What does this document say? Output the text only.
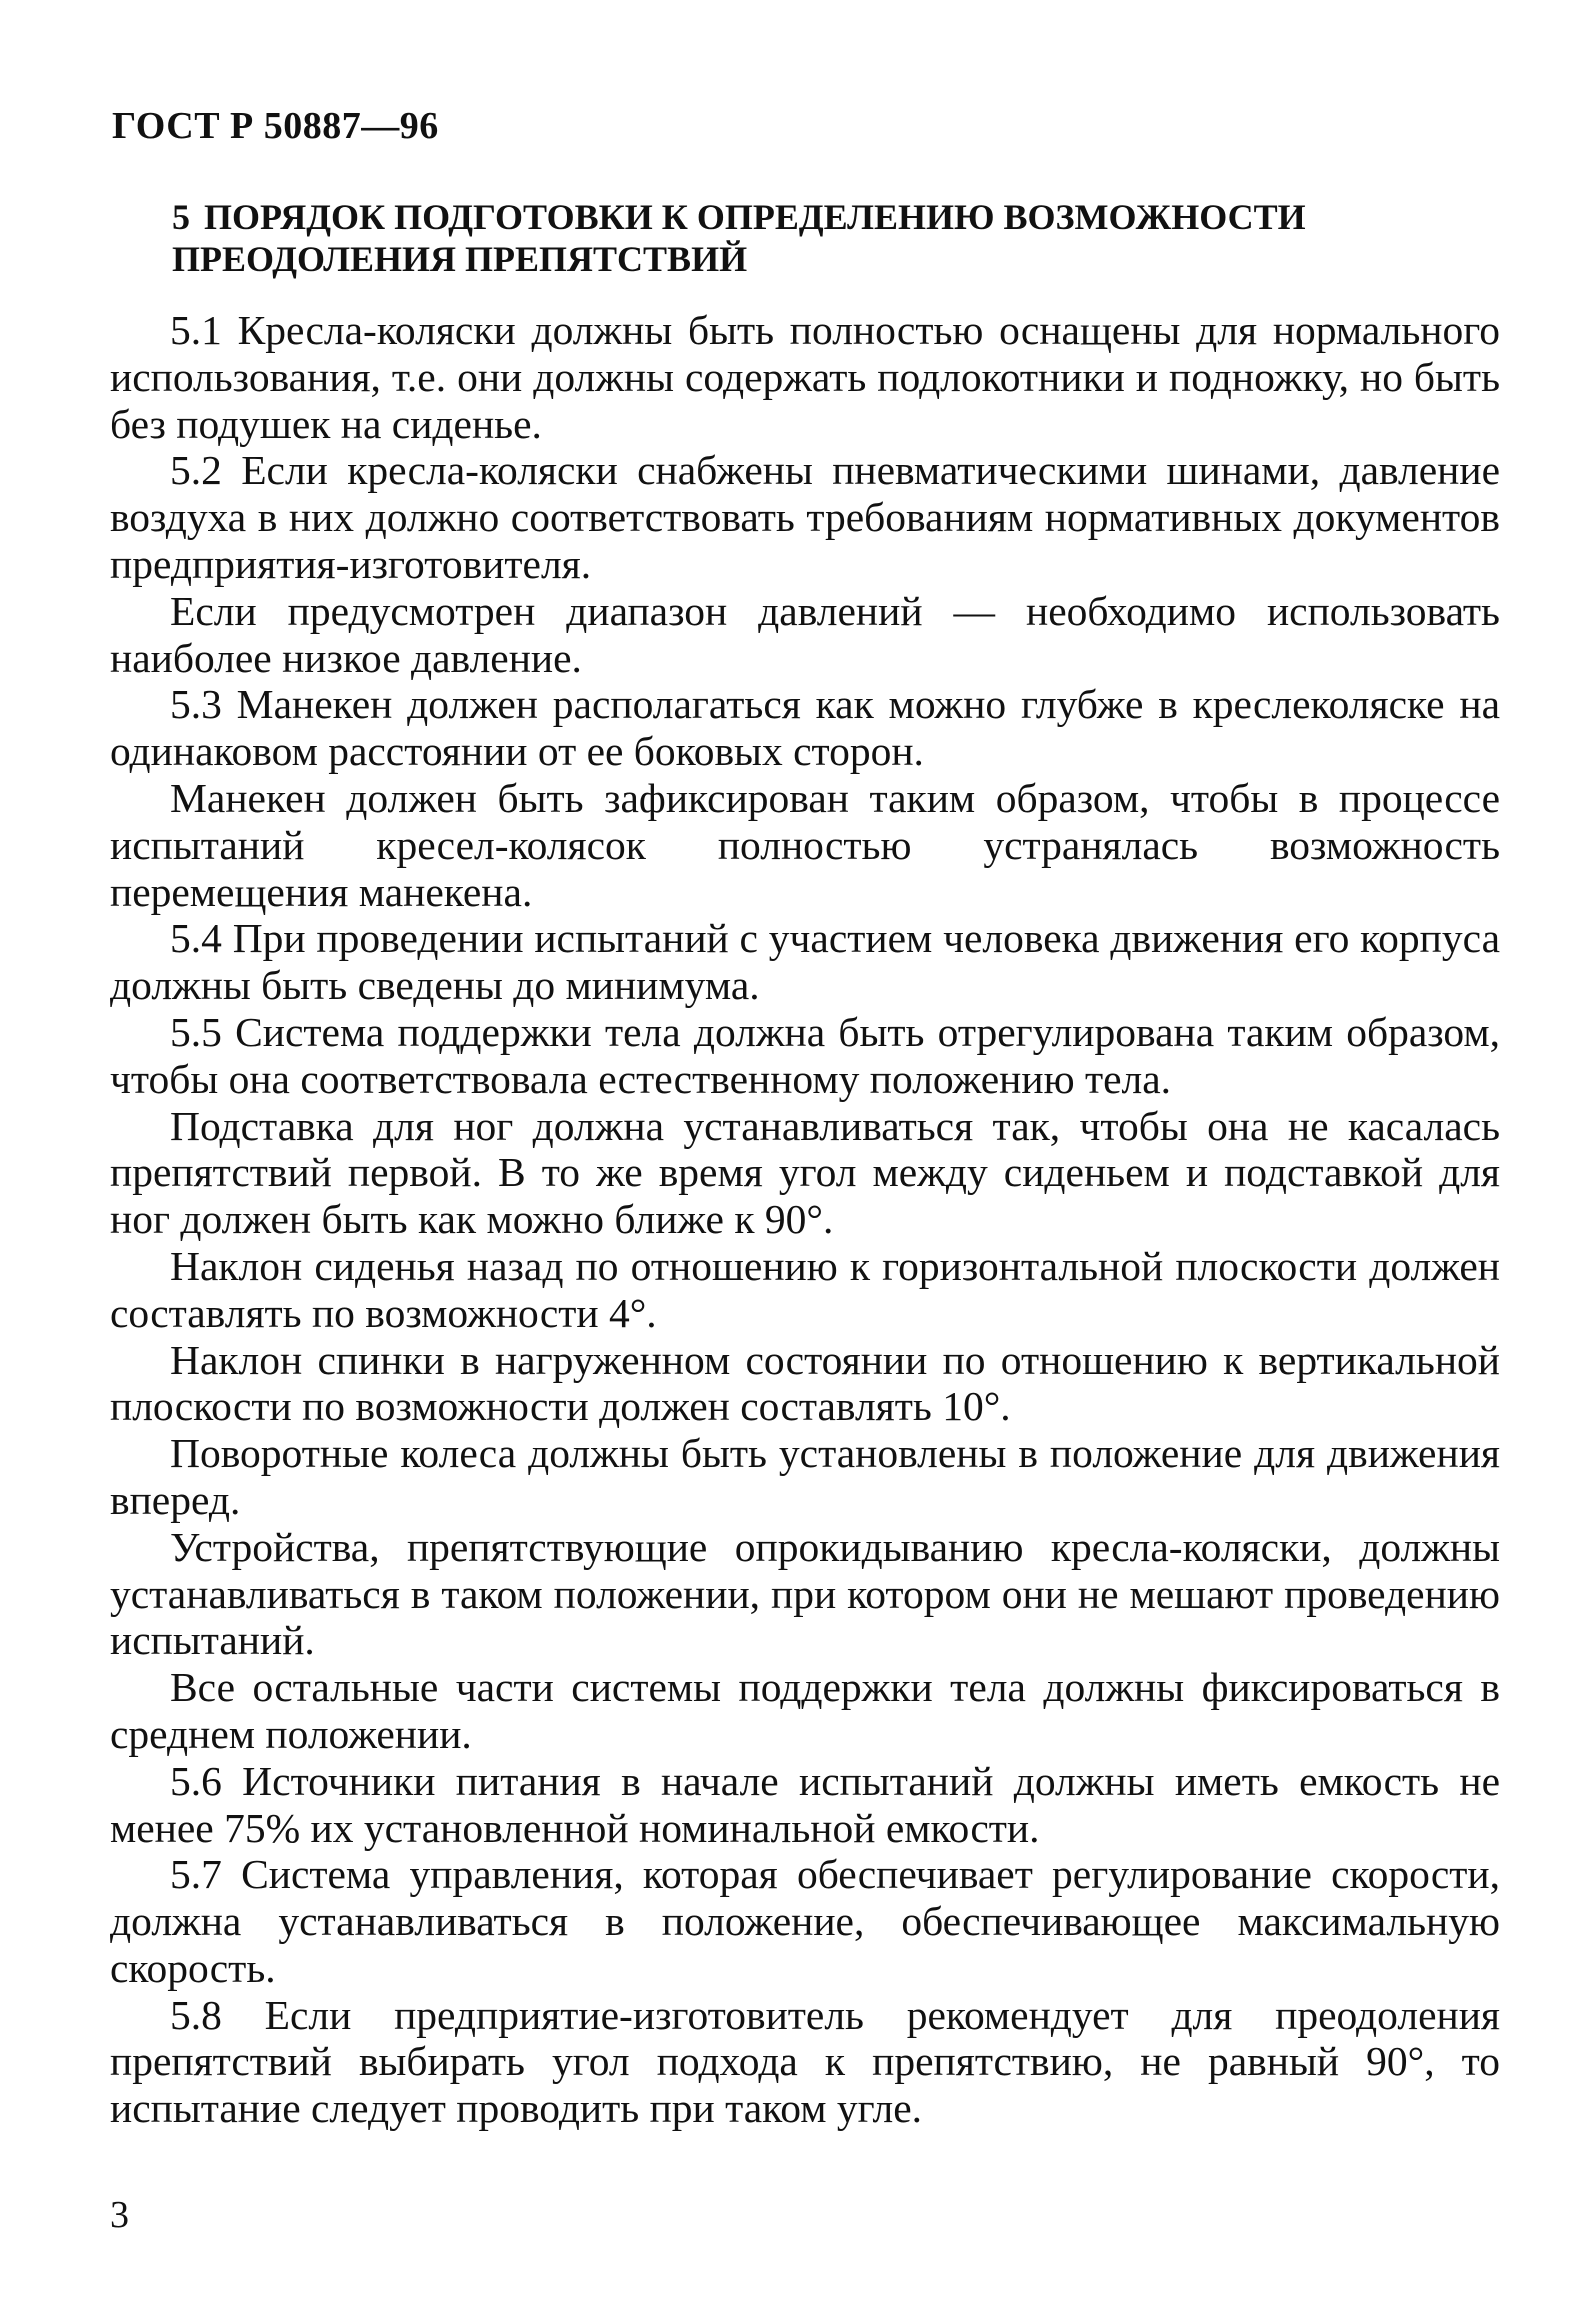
ГОСТ Р 50887—96
5 ПОРЯДОК ПОДГОТОВКИ К ОПРЕДЕЛЕНИЮ ВОЗМОЖНОСТИ ПРЕОДОЛЕНИЯ ПРЕПЯТСТВИЙ

5.1 Кресла-коляски должны быть полностью оснащены для нормального использования, т.е. они должны содержать подлокотники и подножку, но быть без подушек на сиденье.

5.2 Если кресла-коляски снабжены пневматическими шинами, давление воздуха в них должно соответствовать требованиям нормативных документов предприятия-изготовителя.

Если предусмотрен диапазон давлений — необходимо использовать наиболее низкое давление.

5.3 Манекен должен располагаться как можно глубже в креслеколяске на одинаковом расстоянии от ее боковых сторон.

Манекен должен быть зафиксирован таким образом, чтобы в процессе испытаний кресел-колясок полностью устранялась возможность перемещения манекена.

5.4 При проведении испытаний с участием человека движения его корпуса должны быть сведены до минимума.

5.5 Система поддержки тела должна быть отрегулирована таким образом, чтобы она соответствовала естественному положению тела.

Подставка для ног должна устанавливаться так, чтобы она не касалась препятствий первой. В то же время угол между сиденьем и подставкой для ног должен быть как можно ближе к 90°.

Наклон сиденья назад по отношению к горизонтальной плоскости должен составлять по возможности 4°.

Наклон спинки в нагруженном состоянии по отношению к вертикальной плоскости по возможности должен составлять 10°.

Поворотные колеса должны быть установлены в положение для движения вперед.

Устройства, препятствующие опрокидыванию кресла-коляски, должны устанавливаться в таком положении, при котором они не мешают проведению испытаний.

Все остальные части системы поддержки тела должны фиксироваться в среднем положении.

5.6 Источники питания в начале испытаний должны иметь емкость не менее 75% их установленной номинальной емкости.

5.7 Система управления, которая обеспечивает регулирование скорости, должна устанавливаться в положение, обеспечивающее максимальную скорость.

5.8 Если предприятие-изготовитель рекомендует для преодоления препятствий выбирать угол подхода к препятствию, не равный 90°, то испытание следует проводить при таком угле.

3
